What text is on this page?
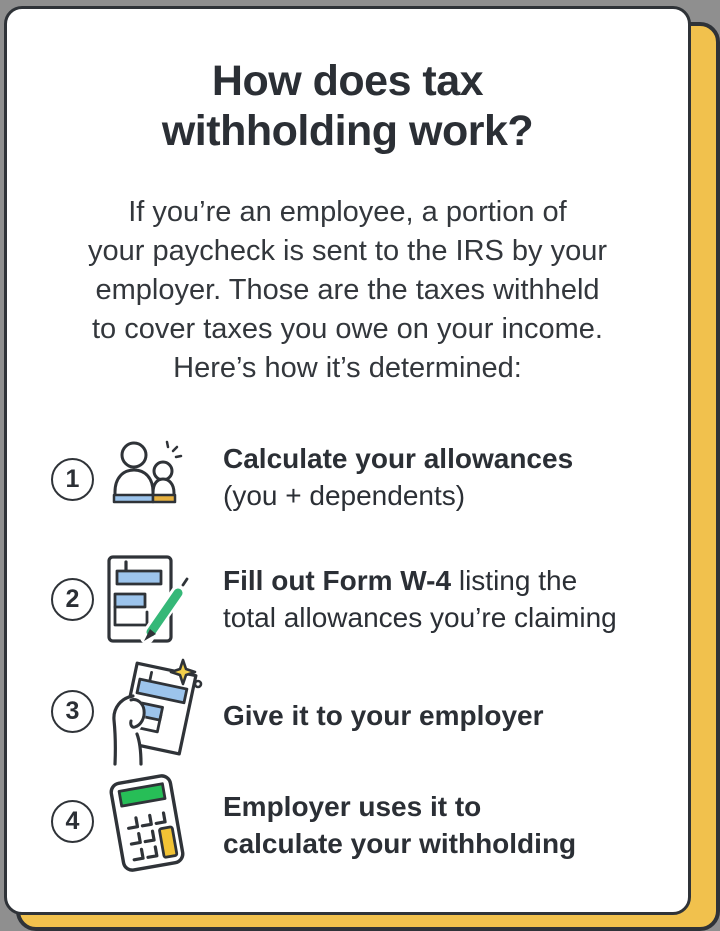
How does tax
withholding work?

If you’re an employee, a portion of
your paycheck is sent to the IRS by your
employer. Those are the taxes withheld
to cover taxes you owe on your income.
Here’s how it’s determined:

1
Calculate your allowances
(you + dependents)
2
Fill out Form W-4 listing the
total allowances you’re claiming
3	Give it to your employer
4	Employer uses it to
calculate your withholding
